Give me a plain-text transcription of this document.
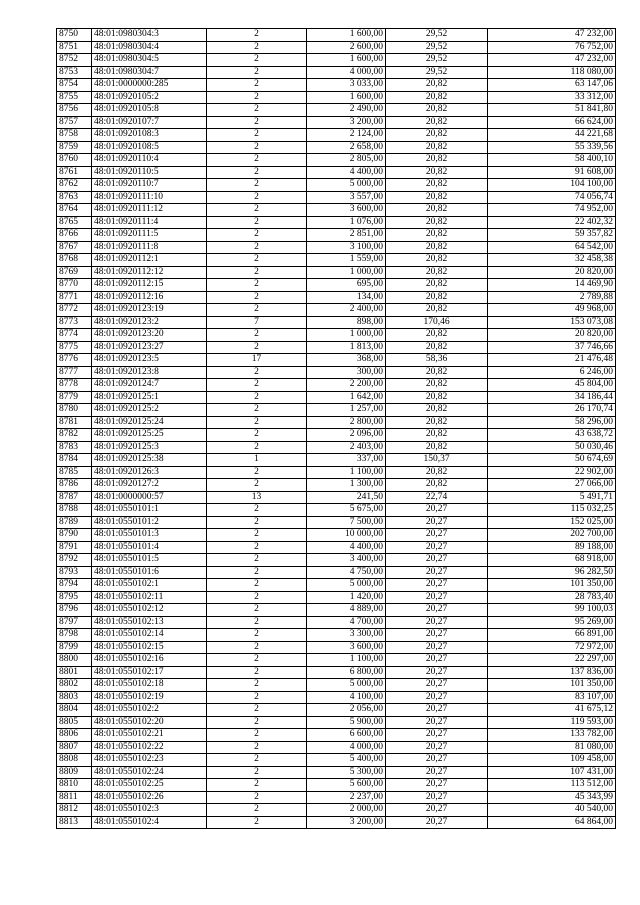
8750	48:01:0980304:3	2	1 600,00	29,52	47 232,00
8751	48:01:0980304:4	2	2 600,00	29,52	76 752,00
8752	48:01:0980304:5	2	1 600,00	29,52	47 232,00
8753	48:01:0980304:7	2	4 000,00	29,52	118 080,00
8754	48:01:0000000:285	2	3 033,00	20,82	63 147,06
8755	48:01:0920105:2	2	1 600,00	20,82	33 312,00
8756	48:01:0920105:8	2	2 490,00	20,82	51 841,80
8757	48:01:0920107:7	2	3 200,00	20,82	66 624,00
8758	48:01:0920108:3	2	2 124,00	20,82	44 221,68
8759	48:01:0920108:5	2	2 658,00	20,82	55 339,56
8760	48:01:0920110:4	2	2 805,00	20,82	58 400,10
8761	48:01:0920110:5	2	4 400,00	20,82	91 608,00
8762	48:01:0920110:7	2	5 000,00	20,82	104 100,00
8763	48:01:0920111:10	2	3 557,00	20,82	74 056,74
8764	48:01:0920111:12	2	3 600,00	20,82	74 952,00
8765	48:01:0920111:4	2	1 076,00	20,82	22 402,32
8766	48:01:0920111:5	2	2 851,00	20,82	59 357,82
8767	48:01:0920111:8	2	3 100,00	20,82	64 542,00
8768	48:01:0920112:1	2	1 559,00	20,82	32 458,38
8769	48:01:0920112:12	2	1 000,00	20,82	20 820,00
8770	48:01:0920112:15	2	695,00	20,82	14 469,90
8771	48:01:0920112:16	2	134,00	20,82	2 789,88
8772	48:01:0920123:19	2	2 400,00	20,82	49 968,00
8773	48:01:0920123:2	7	898,00	170,46	153 073,08
8774	48:01:0920123:20	2	1 000,00	20,82	20 820,00
8775	48:01:0920123:27	2	1 813,00	20,82	37 746,66
8776	48:01:0920123:5	17	368,00	58,36	21 476,48
8777	48:01:0920123:8	2	300,00	20,82	6 246,00
8778	48:01:0920124:7	2	2 200,00	20,82	45 804,00
8779	48:01:0920125:1	2	1 642,00	20,82	34 186,44
8780	48:01:0920125:2	2	1 257,00	20,82	26 170,74
8781	48:01:0920125:24	2	2 800,00	20,82	58 296,00
8782	48:01:0920125:25	2	2 096,00	20,82	43 638,72
8783	48:01:0920125:3	2	2 403,00	20,82	50 030,46
8784	48:01:0920125:38	1	337,00	150,37	50 674,69
8785	48:01:0920126:3	2	1 100,00	20,82	22 902,00
8786	48:01:0920127:2	2	1 300,00	20,82	27 066,00
8787	48:01:0000000:57	13	241,50	22,74	5 491,71
8788	48:01:0550101:1	2	5 675,00	20,27	115 032,25
8789	48:01:0550101:2	2	7 500,00	20,27	152 025,00
8790	48:01:0550101:3	2	10 000,00	20,27	202 700,00
8791	48:01:0550101:4	2	4 400,00	20,27	89 188,00
8792	48:01:0550101:5	2	3 400,00	20,27	68 918,00
8793	48:01:0550101:6	2	4 750,00	20,27	96 282,50
8794	48:01:0550102:1	2	5 000,00	20,27	101 350,00
8795	48:01:0550102:11	2	1 420,00	20,27	28 783,40
8796	48:01:0550102:12	2	4 889,00	20,27	99 100,03
8797	48:01:0550102:13	2	4 700,00	20,27	95 269,00
8798	48:01:0550102:14	2	3 300,00	20,27	66 891,00
8799	48:01:0550102:15	2	3 600,00	20,27	72 972,00
8800	48:01:0550102:16	2	1 100,00	20,27	22 297,00
8801	48:01:0550102:17	2	6 800,00	20,27	137 836,00
8802	48:01:0550102:18	2	5 000,00	20,27	101 350,00
8803	48:01:0550102:19	2	4 100,00	20,27	83 107,00
8804	48:01:0550102:2	2	2 056,00	20,27	41 675,12
8805	48:01:0550102:20	2	5 900,00	20,27	119 593,00
8806	48:01:0550102:21	2	6 600,00	20,27	133 782,00
8807	48:01:0550102:22	2	4 000,00	20,27	81 080,00
8808	48:01:0550102:23	2	5 400,00	20,27	109 458,00
8809	48:01:0550102:24	2	5 300,00	20,27	107 431,00
8810	48:01:0550102:25	2	5 600,00	20,27	113 512,00
8811	48:01:0550102:26	2	2 237,00	20,27	45 343,99
8812	48:01:0550102:3	2	2 000,00	20,27	40 540,00
8813	48:01:0550102:4	2	3 200,00	20,27	64 864,00
